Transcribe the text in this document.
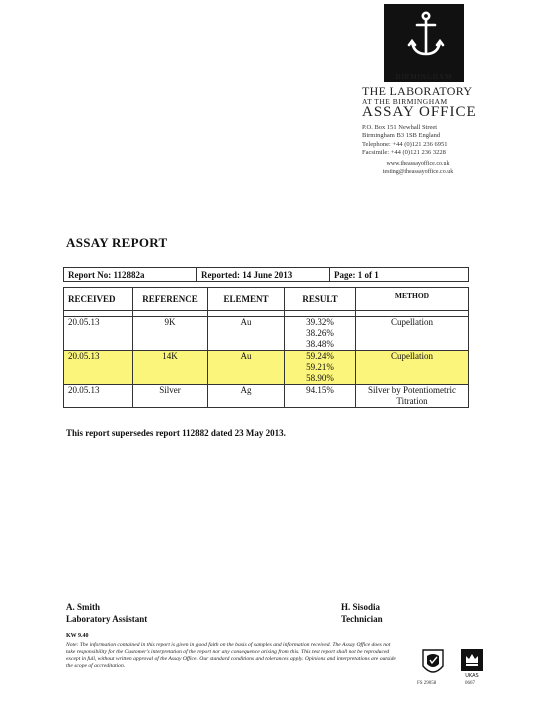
BIRMINGHAM
THE LABORATORY
AT THE BIRMINGHAM
ASSAY OFFICE
P.O. Box 151 Newhall Street
Birmingham B3 1SB England
Telephone: +44 (0)121 236 6951
Facsimile: +44 (0)121 236 3228
www.theassayoffice.co.uk
testing@theassayoffice.co.uk
ASSAY REPORT
Report No: 112882a	Reported: 14 June 2013	Page: 1 of 1
RECEIVED	REFERENCE	ELEMENT	RESULT	METHOD

20.05.13	9K	Au	39.32%
38.26%
38.48%	Cupellation
20.05.13	14K	Au	59.24%
59.21%
58.90%	Cupellation
20.05.13	Silver	Ag	94.15%	Silver by Potentiometric Titration
This report supersedes report 112882 dated 23 May 2013.
A. Smith
Laboratory Assistant
H. Sisodia
Technician
KW 9.40
Note: The information contained in this report is given in good faith on the basis of samples and information received. The Assay Office does not take responsibility for the Customer's interpretation of the report nor any consequence arising from this. This test report shall not be reproduced except in full, without written approval of the Assay Office. Our standard conditions and tolerances apply. Opinions and interpretations are outside the scope of accreditation.
FS 29058
UKAS
0667
